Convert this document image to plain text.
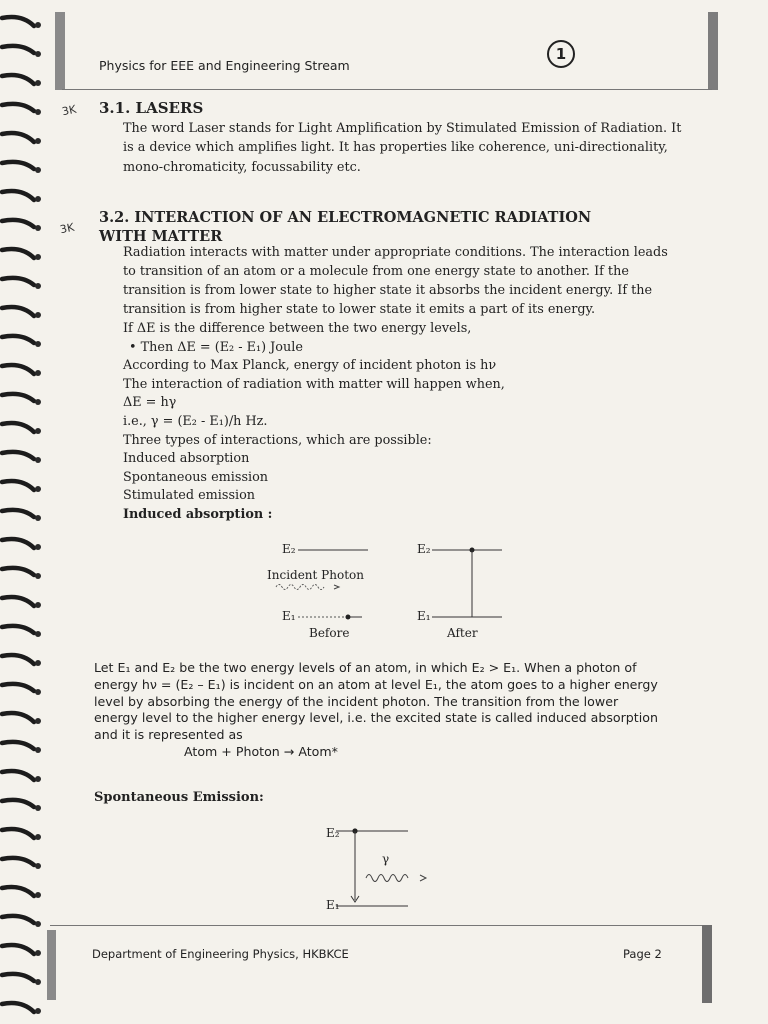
Physics for EEE and Engineering Stream
1
3K
3K
3.1. LASERS
The word Laser stands for Light Amplification by Stimulated Emission of Radiation. It is a device which amplifies light. It has properties like coherence, uni-directionality, mono-chromaticity, focussability etc.
3.2. INTERACTION OF AN ELECTROMAGNETIC RADIATION WITH MATTER
Radiation interacts with matter under appropriate conditions. The interaction leads to transition of an atom or a molecule from one energy state to another. If the transition is from lower state to higher state it absorbs the incident energy. If the transition is from higher state to lower state it emits a part of its energy.
If ΔE is the difference between the two energy levels,
• Then ΔE = (E₂ - E₁) Joule
According to Max Planck, energy of incident photon is hν
The interaction of radiation with matter will happen when,
ΔE = hγ
i.e., γ = (E₂ - E₁)/h Hz.
Three types of interactions, which are possible:
Induced absorption
Spontaneous emission
Stimulated emission
Induced absorption :
E₂
Incident Photon
E₁
Before
E₂
E₁
After
Let E₁ and E₂ be the two energy levels of an atom, in which E₂ > E₁. When a photon of energy hν = (E₂ – E₁) is incident on an atom at level E₁, the atom goes to a higher energy level by absorbing the energy of the incident photon. The transition from the lower energy level to the higher energy level, i.e. the excited state is called induced absorption and it is represented as
Atom + Photon → Atom*
Spontaneous Emission:
E₂
γ
E₁
Department of Engineering Physics, HKBKCE	Page 2
